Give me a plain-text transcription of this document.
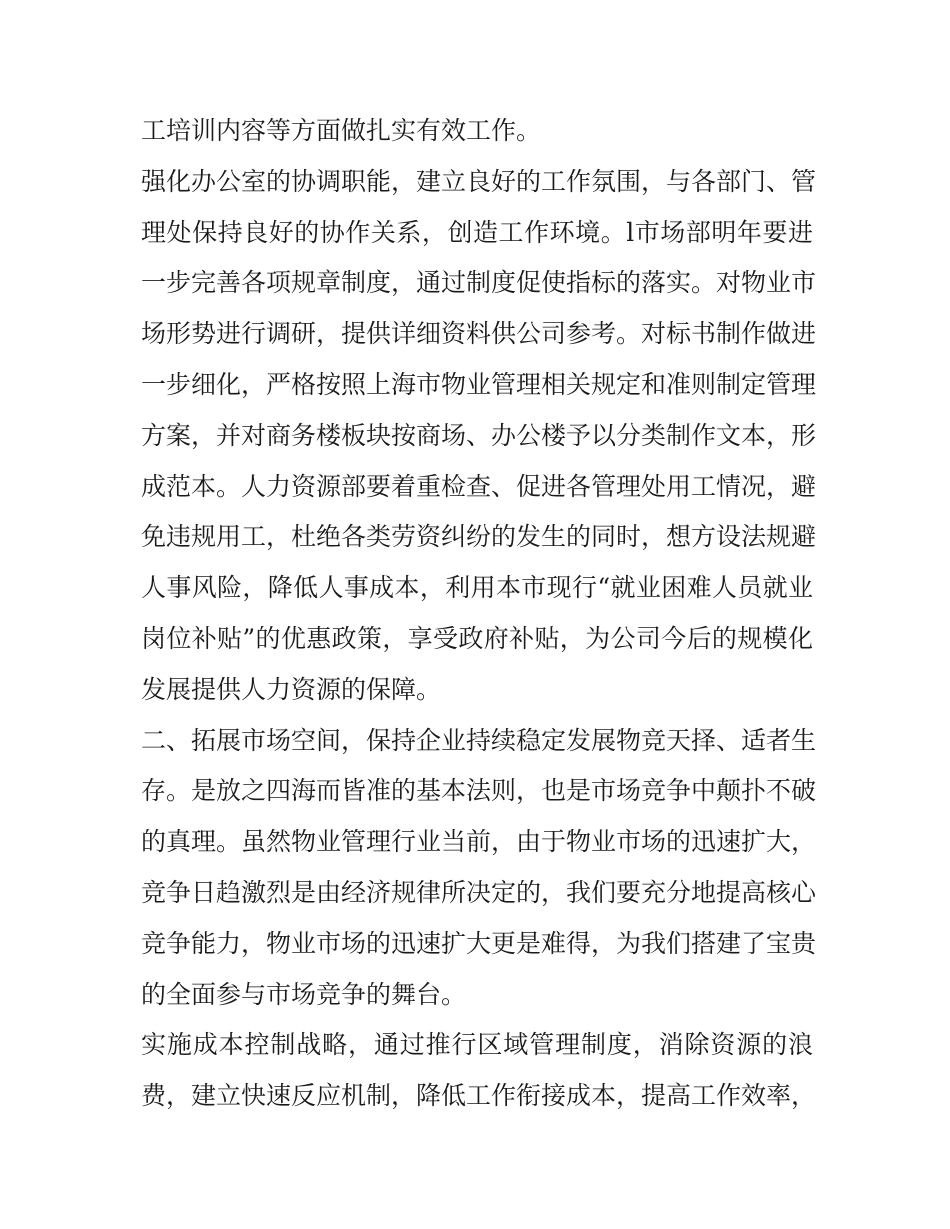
工培训内容等方面做扎实有效工作。
强化办公室的协调职能，建立良好的工作氛围，与各部门、管
理处保持良好的协作关系，创造工作环境。l市场部明年要进
一步完善各项规章制度，通过制度促使指标的落实。对物业市
场形势进行调研，提供详细资料供公司参考。对标书制作做进
一步细化，严格按照上海市物业管理相关规定和准则制定管理
方案，并对商务楼板块按商场、办公楼予以分类制作文本，形
成范本。人力资源部要着重检查、促进各管理处用工情况，避
免违规用工，杜绝各类劳资纠纷的发生的同时，想方设法规避
人事风险，降低人事成本，利用本市现行“就业困难人员就业
岗位补贴”的优惠政策，享受政府补贴，为公司今后的规模化
发展提供人力资源的保障。
二、拓展市场空间，保持企业持续稳定发展物竞天择、适者生
存。是放之四海而皆准的基本法则，也是市场竞争中颠扑不破
的真理。虽然物业管理行业当前，由于物业市场的迅速扩大，
竞争日趋激烈是由经济规律所决定的，我们要充分地提高核心
竞争能力，物业市场的迅速扩大更是难得，为我们搭建了宝贵
的全面参与市场竞争的舞台。
实施成本控制战略，通过推行区域管理制度，消除资源的浪
费，建立快速反应机制，降低工作衔接成本，提高工作效率，
